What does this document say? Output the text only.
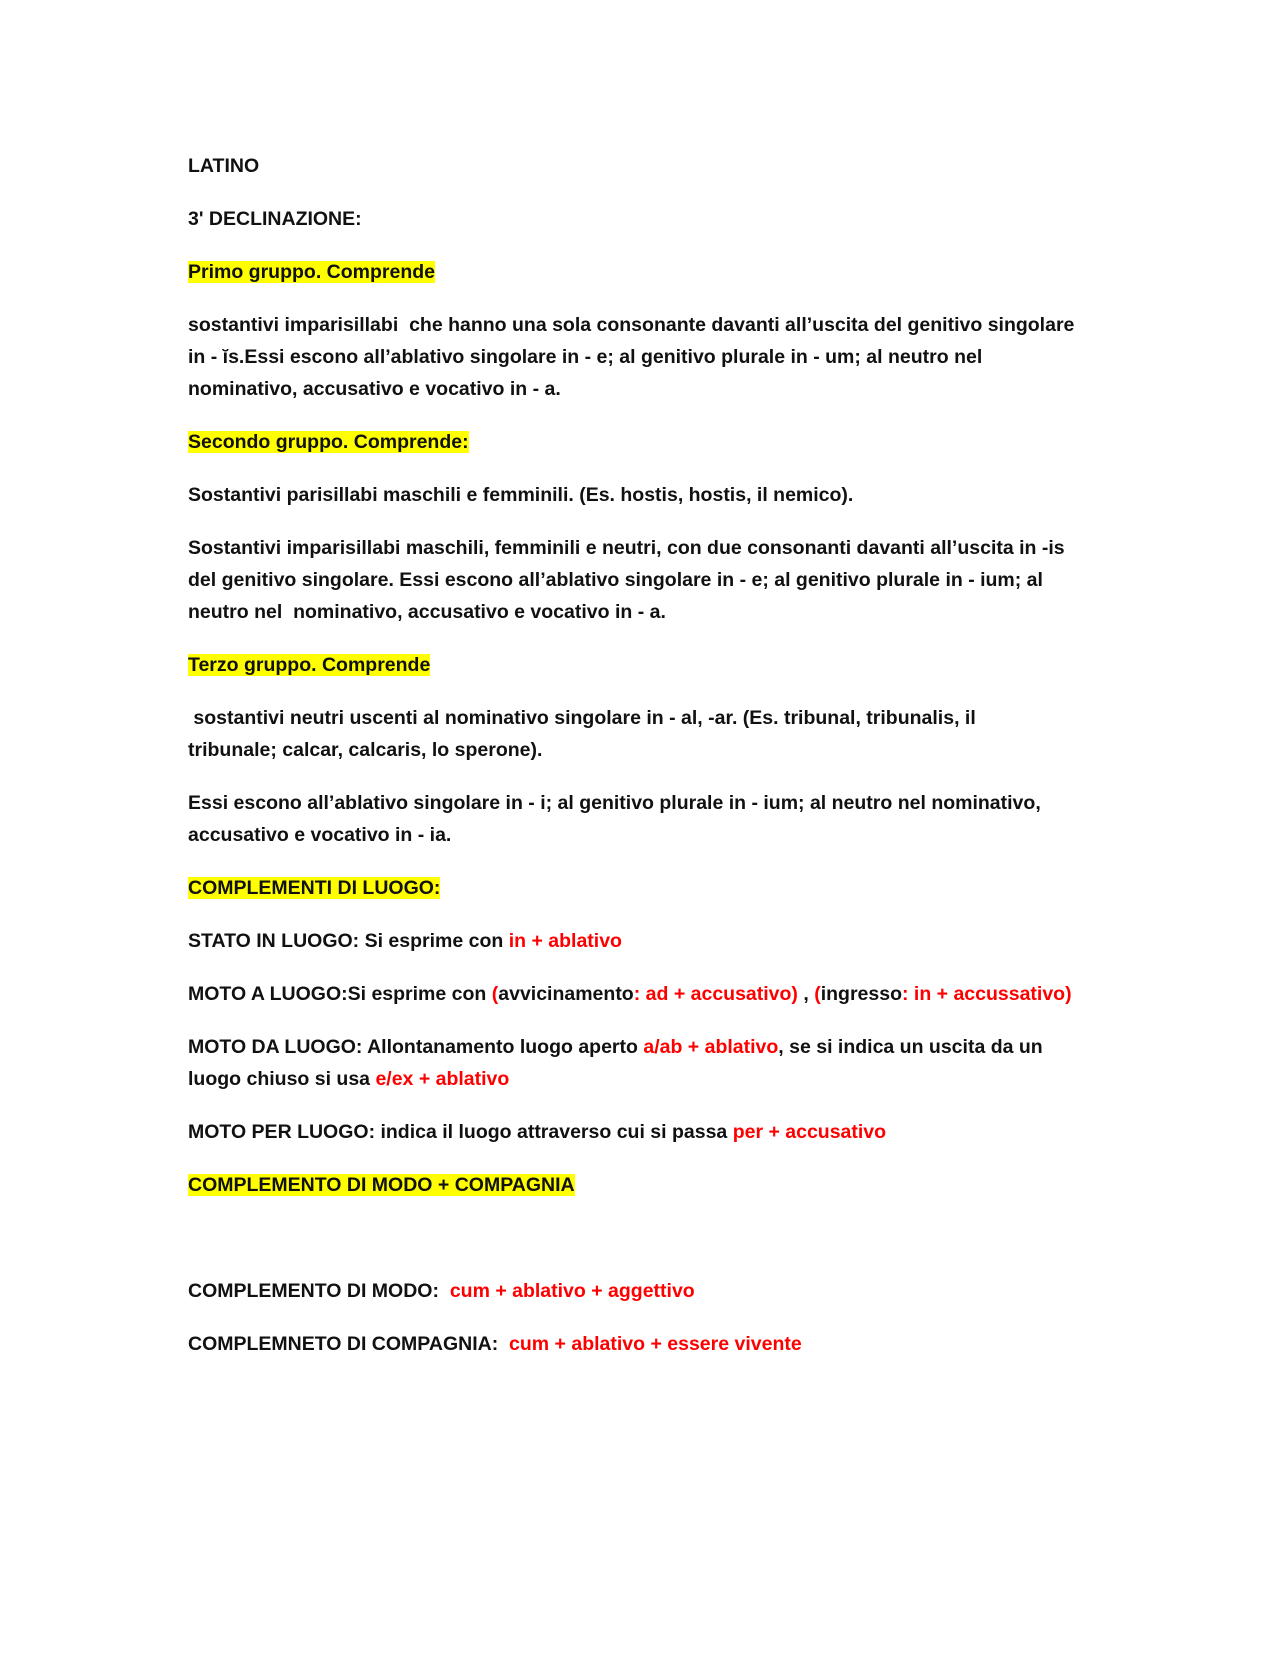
LATINO

3' DECLINAZIONE:

Primo gruppo. Comprende

sostantivi imparisillabi  che hanno una sola consonante davanti all’uscita del genitivo singolare
in - ĭs.Essi escono all’ablativo singolare in - e; al genitivo plurale in - um; al neutro nel
nominativo, accusativo e vocativo in - a.

Secondo gruppo. Comprende:

Sostantivi parisillabi maschili e femminili. (Es. hostis, hostis, il nemico).

Sostantivi imparisillabi maschili, femminili e neutri, con due consonanti davanti all’uscita in -is
del genitivo singolare. Essi escono all’ablativo singolare in - e; al genitivo plurale in - ium; al
neutro nel  nominativo, accusativo e vocativo in - a.

Terzo gruppo. Comprende

sostantivi neutri uscenti al nominativo singolare in - al, -ar. (Es. tribunal, tribunalis, il
tribunale; calcar, calcaris, lo sperone).

Essi escono all’ablativo singolare in - i; al genitivo plurale in - ium; al neutro nel nominativo,
accusativo e vocativo in - ia.

COMPLEMENTI DI LUOGO:

STATO IN LUOGO: Si esprime con in + ablativo

MOTO A LUOGO:Si esprime con (avvicinamento: ad + accusativo) , (ingresso: in + accussativo)

MOTO DA LUOGO: Allontanamento luogo aperto a/ab + ablativo, se si indica un uscita da un
luogo chiuso si usa e/ex + ablativo

MOTO PER LUOGO: indica il luogo attraverso cui si passa per + accusativo

COMPLEMENTO DI MODO + COMPAGNIA

COMPLEMENTO DI MODO:  cum + ablativo + aggettivo

COMPLEMNETO DI COMPAGNIA:  cum + ablativo + essere vivente
